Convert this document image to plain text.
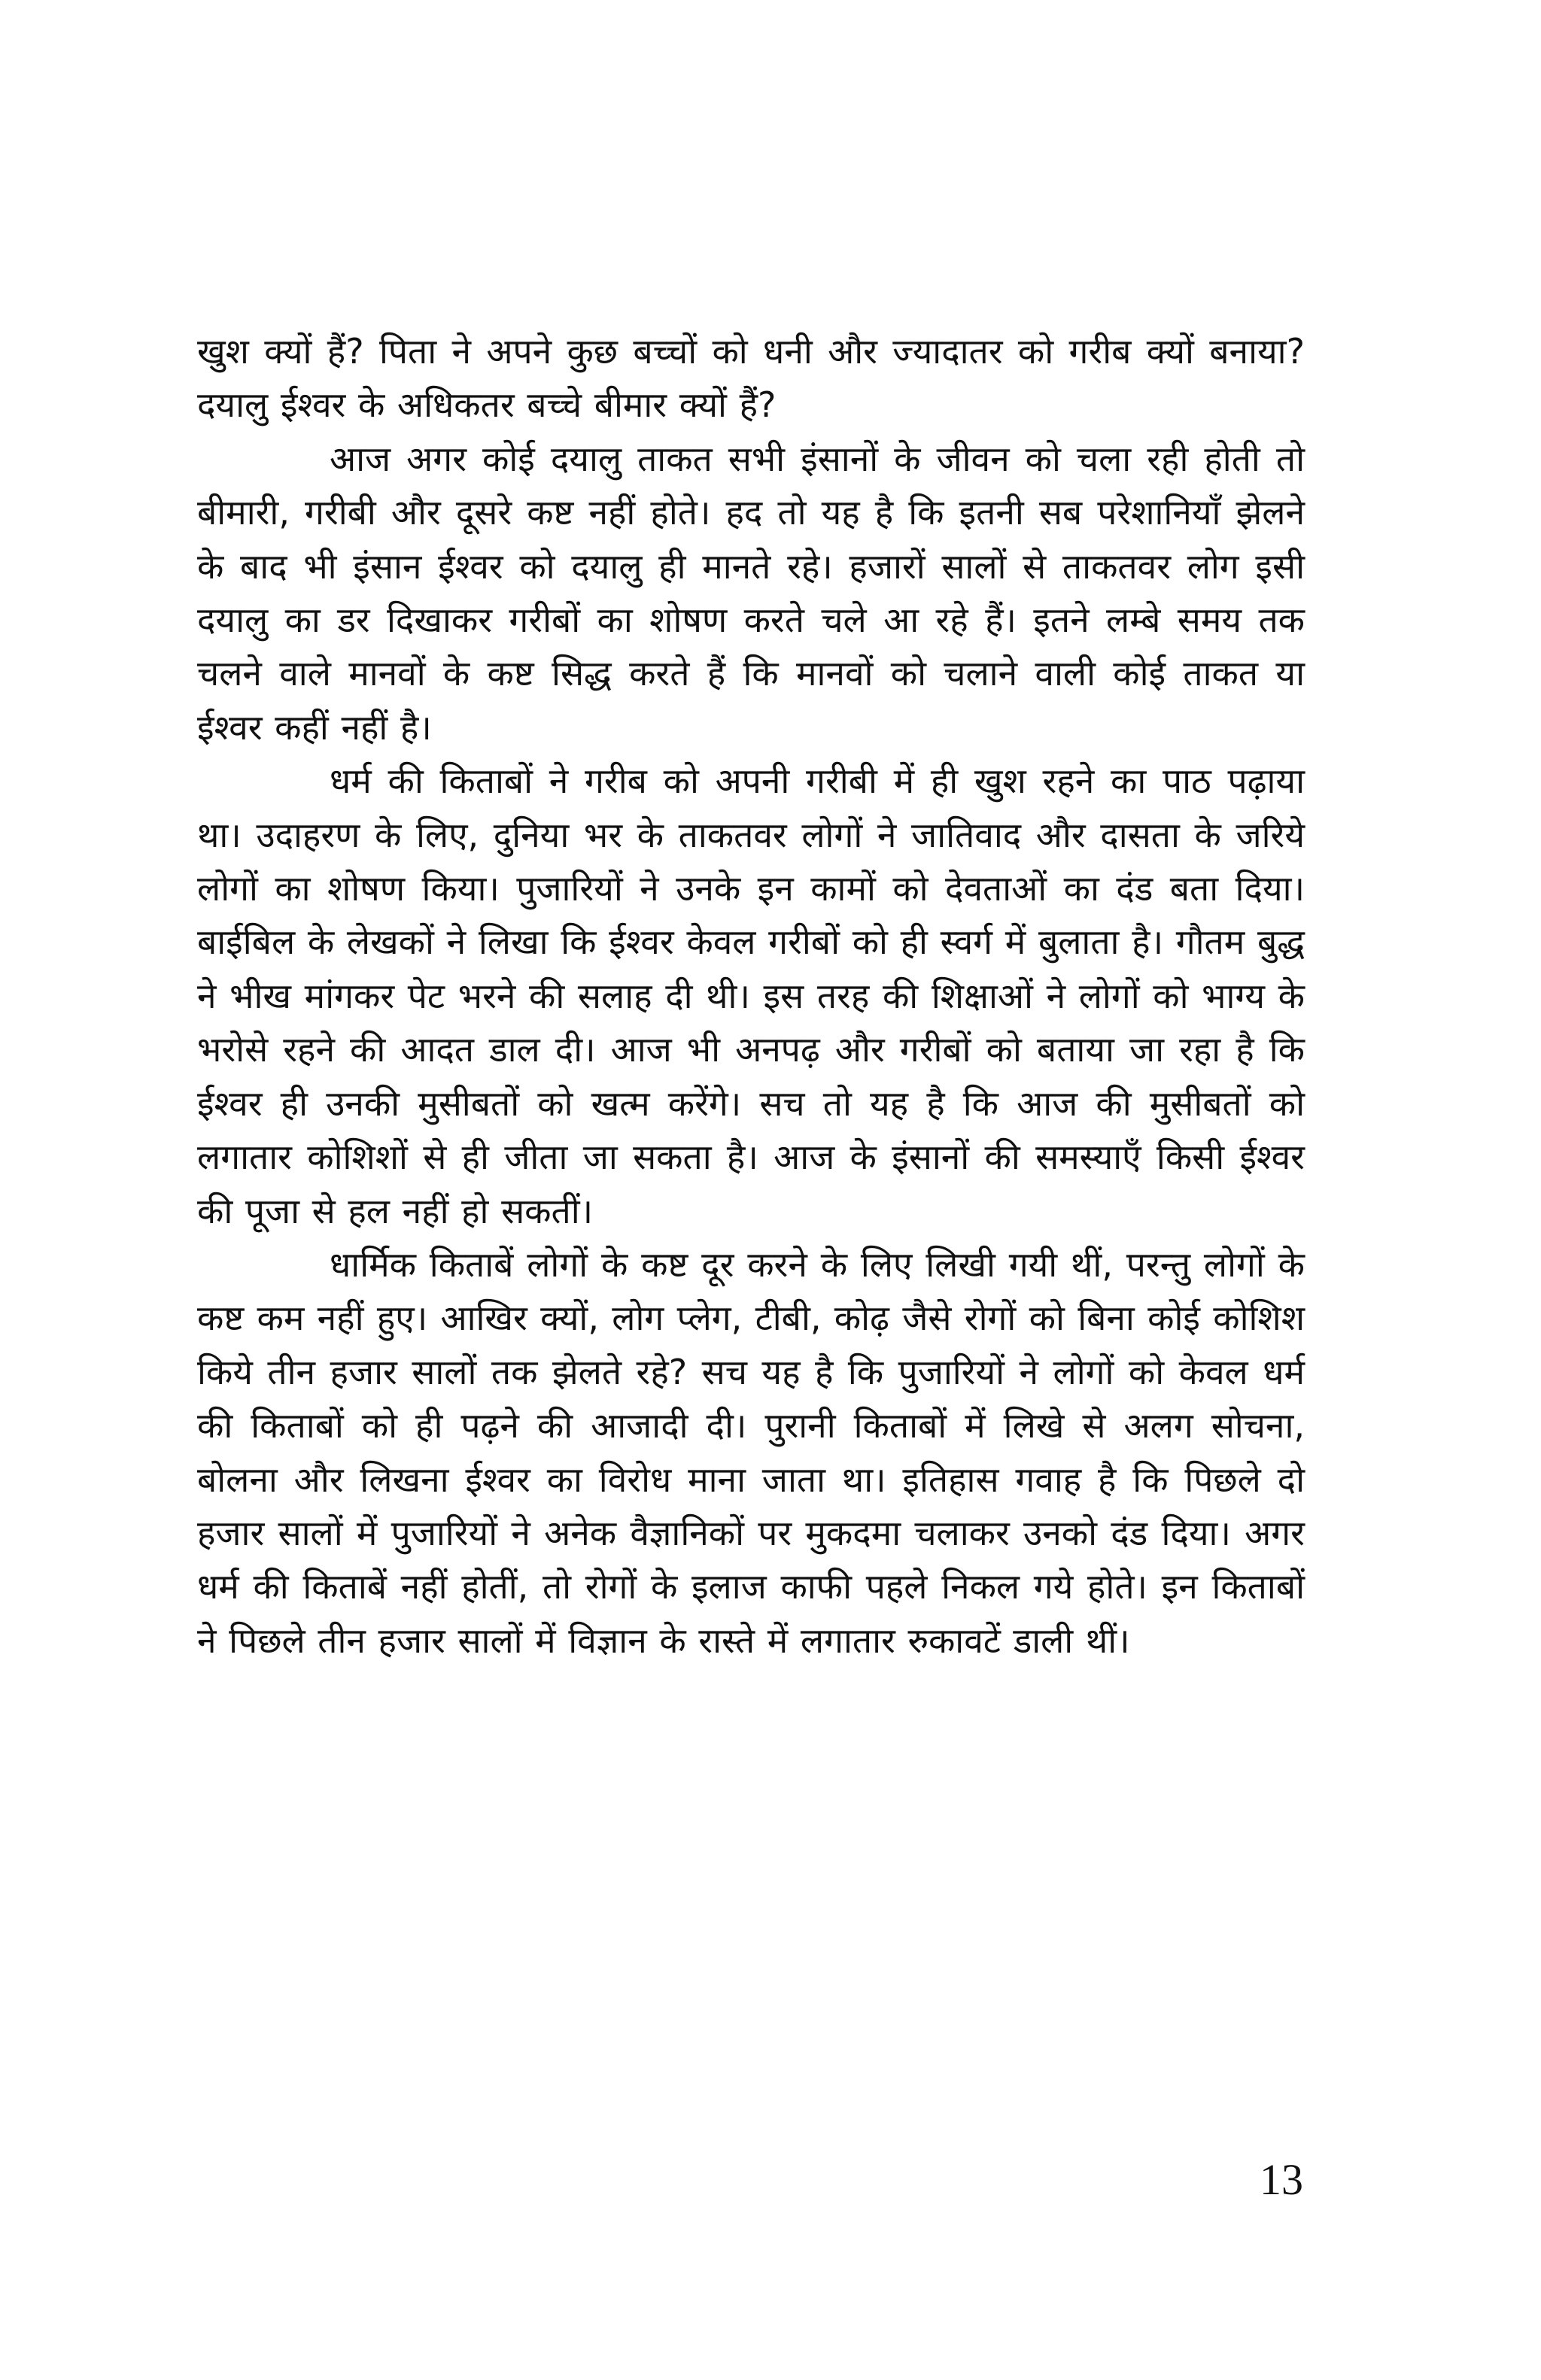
खुश क्यों हैं? पिता ने अपने कुछ बच्चों को धनी और ज्यादातर को गरीब क्यों बनाया? दयालु ईश्वर के अधिकतर बच्चे बीमार क्यों हैं?

आज अगर कोई दयालु ताकत सभी इंसानों के जीवन को चला रही होती तो बीमारी, गरीबी और दूसरे कष्ट नहीं होते। हद तो यह है कि इतनी सब परेशानियाँ झेलने के बाद भी इंसान ईश्वर को दयालु ही मानते रहे। हजारों सालों से ताकतवर लोग इसी दयालु का डर दिखाकर गरीबों का शोषण करते चले आ रहे हैं। इतने लम्बे समय तक चलने वाले मानवों के कष्ट सिद्ध करते हैं कि मानवों को चलाने वाली कोई ताकत या ईश्वर कहीं नहीं है।

धर्म की किताबों ने गरीब को अपनी गरीबी में ही खुश रहने का पाठ पढ़ाया था। उदाहरण के लिए, दुनिया भर के ताकतवर लोगों ने जातिवाद और दासता के जरिये लोगों का शोषण किया। पुजारियों ने उनके इन कामों को देवताओं का दंड बता दिया। बाईबिल के लेखकों ने लिखा कि ईश्वर केवल गरीबों को ही स्वर्ग में बुलाता है। गौतम बुद्ध ने भीख मांगकर पेट भरने की सलाह दी थी। इस तरह की शिक्षाओं ने लोगों को भाग्य के भरोसे रहने की आदत डाल दी। आज भी अनपढ़ और गरीबों को बताया जा रहा है कि ईश्वर ही उनकी मुसीबतों को खत्म करेंगे। सच तो यह है कि आज की मुसीबतों को लगातार कोशिशों से ही जीता जा सकता है। आज के इंसानों की समस्याएँ किसी ईश्वर की पूजा से हल नहीं हो सकतीं।

धार्मिक किताबें लोगों के कष्ट दूर करने के लिए लिखी गयी थीं, परन्तु लोगों के कष्ट कम नहीं हुए। आखिर क्यों, लोग प्लेग, टीबी, कोढ़ जैसे रोगों को बिना कोई कोशिश किये तीन हजार सालों तक झेलते रहे? सच यह है कि पुजारियों ने लोगों को केवल धर्म की किताबों को ही पढ़ने की आजादी दी। पुरानी किताबों में लिखे से अलग सोचना, बोलना और लिखना ईश्वर का विरोध माना जाता था। इतिहास गवाह है कि पिछले दो हजार सालों में पुजारियों ने अनेक वैज्ञानिकों पर मुकदमा चलाकर उनको दंड दिया। अगर धर्म की किताबें नहीं होतीं, तो रोगों के इलाज काफी पहले निकल गये होते। इन किताबों ने पिछले तीन हजार सालों में विज्ञान के रास्ते में लगातार रुकावटें डाली थीं।

13
